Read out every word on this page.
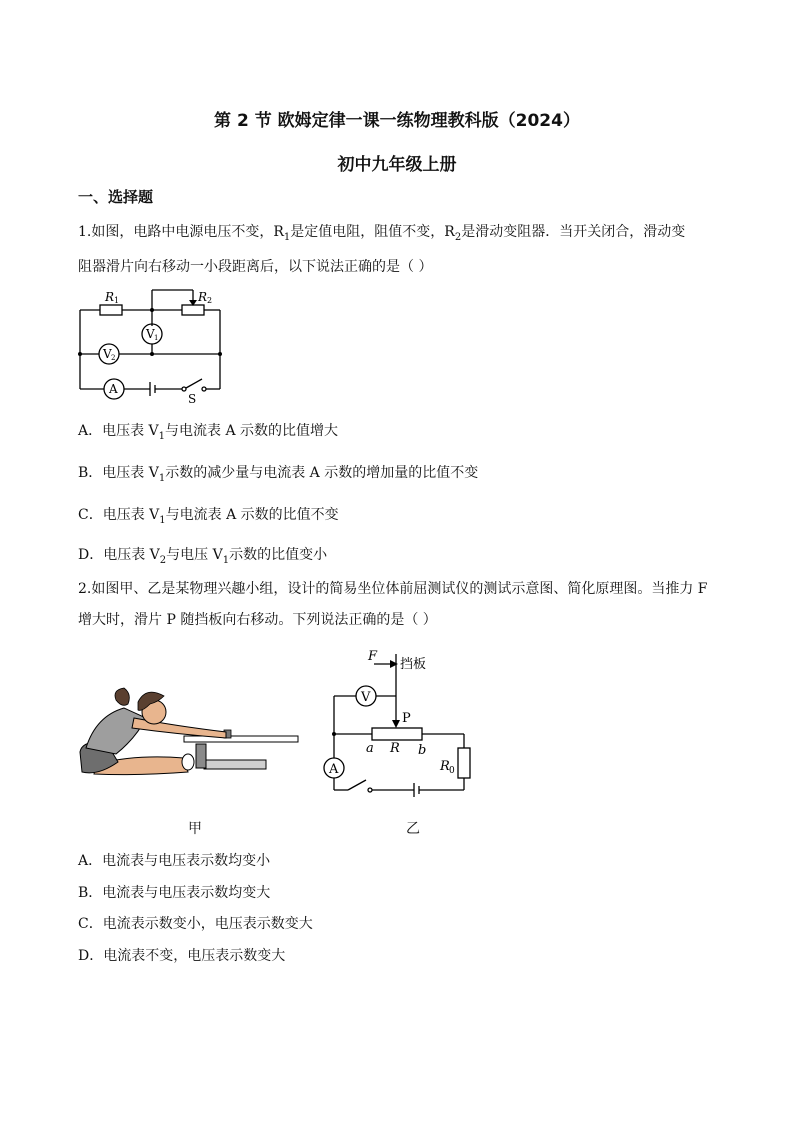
第 2 节 欧姆定律一课一练物理教科版（2024）
初中九年级上册
一、选择题
1.如图，电路中电源电压不变，$R_1$是定值电阻，阻值不变，$R_2$是滑动变阻器．当开关闭合，滑动变
阻器滑片向右移动一小段距离后，以下说法正确的是（ ）
R 1	R 2
V 1
V 2
A
S
A．电压表 $V_1$与电流表 A 示数的比值增大
B．电压表 $V_1$示数的减少量与电流表 A 示数的增加量的比值不变
C．电压表 $V_1$与电流表 A 示数的比值不变
D．电压表 $V_2$与电压 $V_1$示数的比值变小
2.如图甲、乙是某物理兴趣小组，设计的简易坐位体前屈测试仪的测试示意图、简化原理图。当推力 F
增大时，滑片 P 随挡板向右移动。下列说法正确的是（ ）
F
挡板
V
P
a R b
R 0
A
甲	乙
A．电流表与电压表示数均变小
B．电流表与电压表示数均变大
C．电流表示数变小，电压表示数变大
D．电流表不变，电压表示数变大
